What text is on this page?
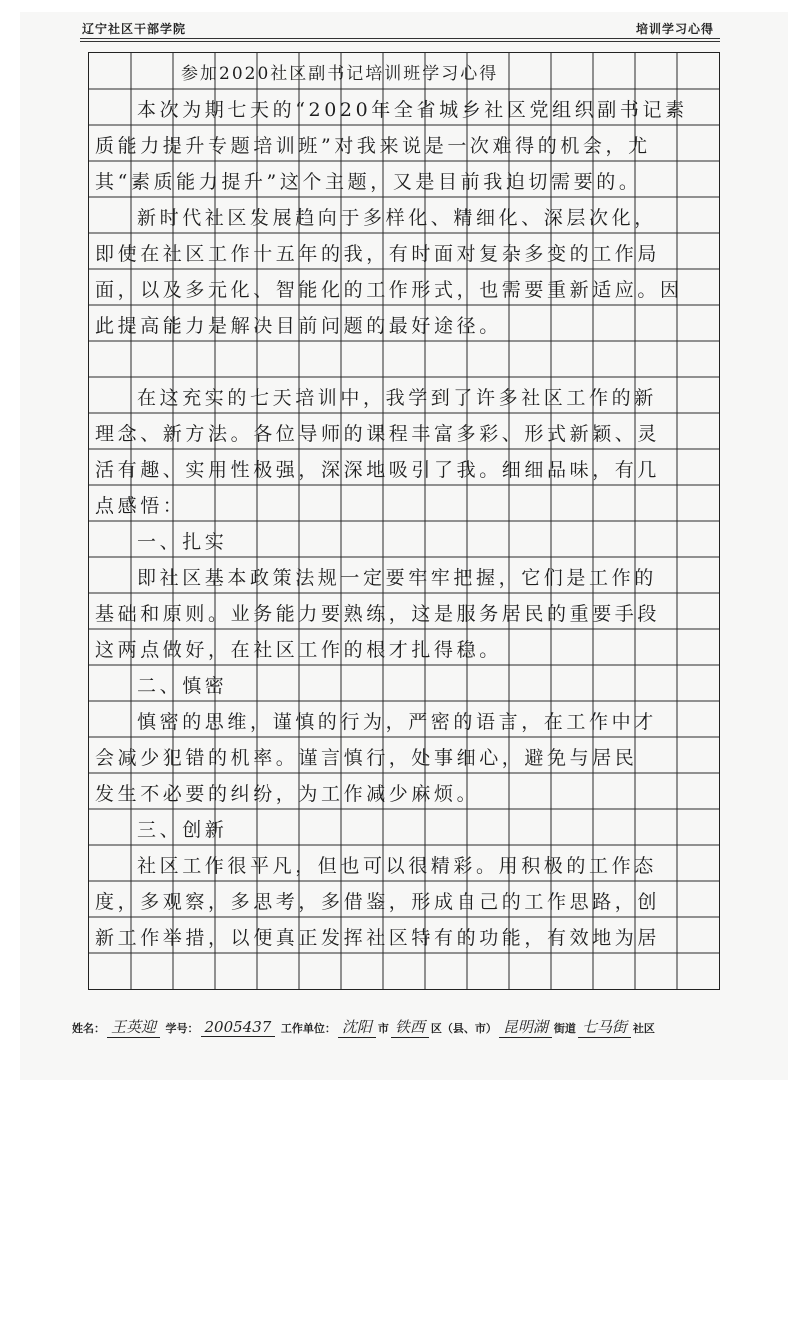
辽宁社区干部学院	培训学习心得
参加2020社区副书记培训班学习心得
本次为期七天的“2020年全省城乡社区党组织副书记素
质能力提升专题培训班”对我来说是一次难得的机会，尤
其“素质能力提升”这个主题，又是目前我迫切需要的。
新时代社区发展趋向于多样化、精细化、深层次化，
即使在社区工作十五年的我，有时面对复杂多变的工作局
面，以及多元化、智能化的工作形式，也需要重新适应。因
此提高能力是解决目前问题的最好途径。
在这充实的七天培训中，我学到了许多社区工作的新
理念、新方法。各位导师的课程丰富多彩、形式新颖、灵
活有趣、实用性极强，深深地吸引了我。细细品味，有几
点感悟：
一、扎实
即社区基本政策法规一定要牢牢把握，它们是工作的
基础和原则。业务能力要熟练，这是服务居民的重要手段
这两点做好，在社区工作的根才扎得稳。
二、慎密
慎密的思维，谨慎的行为，严密的语言，在工作中才
会减少犯错的机率。谨言慎行，处事细心，避免与居民
发生不必要的纠纷，为工作减少麻烦。
三、创新
社区工作很平凡，但也可以很精彩。用积极的工作态
度，多观察，多思考，多借鉴，形成自己的工作思路，创
新工作举措，以便真正发挥社区特有的功能，有效地为居
姓名： 王英迎 学号： 2005437 工作单位： 沈阳 市 铁西 区（县、市） 昆明湖 街道 七马街 社区
